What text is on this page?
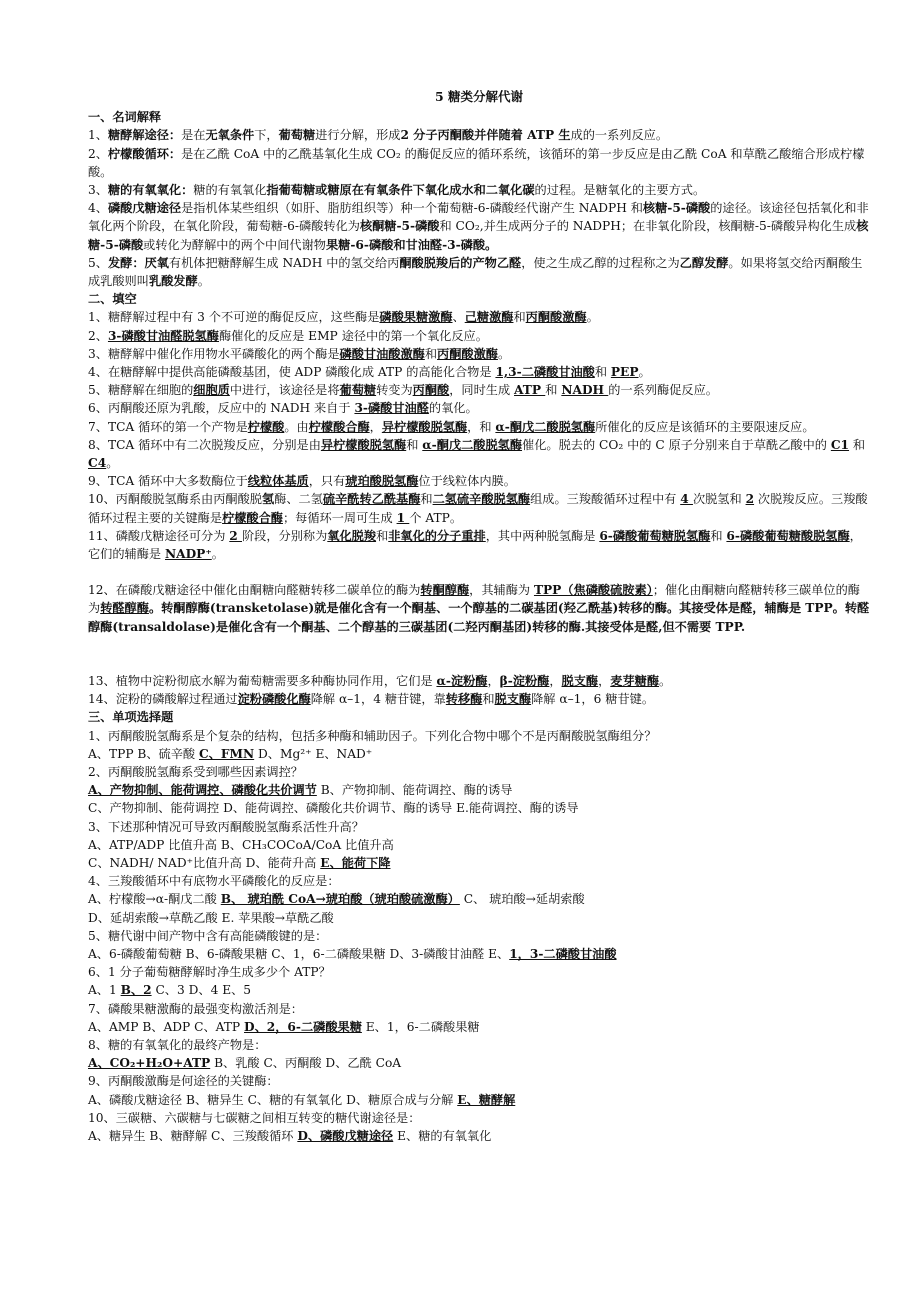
5 糖类分解代谢
一、名词解释
1、糖酵解途径：是在无氧条件下，葡萄糖进行分解，形成2 分子丙酮酸并伴随着 ATP 生成的一系列反应。
2、柠檬酸循环：是在乙酰 CoA 中的乙酰基氧化生成 CO₂ 的酶促反应的循环系统，该循环的第一步反应是由乙酰 CoA 和草酰乙酸缩合形成柠檬酸。
3、糖的有氧氧化：糖的有氧氧化指葡萄糖或糖原在有氧条件下氧化成水和二氧化碳的过程。是糖氧化的主要方式。
4、磷酸戊糖途径是指机体某些组织（如肝、脂肪组织等）种一个葡萄糖-6-磷酸经代谢产生 NADPH 和核糖-5-磷酸的途径。该途径包括氧化和非氧化两个阶段，在氧化阶段，葡萄糖-6-磷酸转化为核酮糖-5-磷酸和 CO₂,并生成两分子的 NADPH；在非氧化阶段，核酮糖-5-磷酸异构化生成核糖-5-磷酸或转化为酵解中的两个中间代谢物果糖-6-磷酸和甘油醛-3-磷酸。
5、发酵：厌氧有机体把糖酵解生成 NADH 中的氢交给丙酮酸脱羧后的产物乙醛，使之生成乙醇的过程称之为乙醇发酵。如果将氢交给丙酮酸生成乳酸则叫乳酸发酵。
二、填空
1、糖酵解过程中有 3 个不可逆的酶促反应，这些酶是磷酸果糖激酶、己糖激酶和丙酮酸激酶。
2、3-磷酸甘油醛脱氢酶酶催化的反应是 EMP 途径中的第一个氧化反应。
3、糖酵解中催化作用物水平磷酸化的两个酶是磷酸甘油酸激酶和丙酮酸激酶。
4、在糖酵解中提供高能磷酸基团，使 ADP 磷酸化成 ATP 的高能化合物是 1,3-二磷酸甘油酸和 PEP。
5、糖酵解在细胞的细胞质中进行，该途径是将葡萄糖转变为丙酮酸，同时生成 ATP 和 NADH 的一系列酶促反应。
6、丙酮酸还原为乳酸，反应中的 NADH 来自于 3-磷酸甘油醛的氧化。
7、TCA 循环的第一个产物是柠檬酸。由柠檬酸合酶，异柠檬酸脱氢酶，和 α-酮戊二酸脱氢酶所催化的反应是该循环的主要限速反应。
8、TCA 循环中有二次脱羧反应，分别是由异柠檬酸脱氢酶和 α-酮戊二酸脱氢酶催化。脱去的 CO₂ 中的 C 原子分别来自于草酰乙酸中的 C1 和 C4。
9、TCA 循环中大多数酶位于线粒体基质，只有琥珀酸脱氢酶位于线粒体内膜。
10、丙酮酸脱氢酶系由丙酮酸脱氢酶、二氢硫辛酰转乙酰基酶和二氢硫辛酸脱氢酶组成。三羧酸循环过程中有 4 次脱氢和 2 次脱羧反应。三羧酸循环过程主要的关键酶是柠檬酸合酶；每循环一周可生成 1 个 ATP。
11、磷酸戊糖途径可分为 2 阶段，分别称为氧化脱羧和非氧化的分子重排，其中两种脱氢酶是 6-磷酸葡萄糖脱氢酶和 6-磷酸葡萄糖酸脱氢酶，它们的辅酶是 NADP⁺。
12、在磷酸戊糖途径中催化由酮糖向醛糖转移二碳单位的酶为转酮醇酶，其辅酶为 TPP（焦磷酸硫胺素）；催化由酮糖向醛糖转移三碳单位的酶为转醛醇酶。转酮醇酶(transketolase)就是催化含有一个酮基、一个醇基的二碳基团(羟乙酰基)转移的酶。其接受体是醛，辅酶是 TPP。转醛醇酶(transaldolase)是催化含有一个酮基、二个醇基的三碳基团(二羟丙酮基团)转移的酶.其接受体是醛,但不需要 TPP.
13、植物中淀粉彻底水解为葡萄糖需要多种酶协同作用，它们是 α-淀粉酶，β-淀粉酶，脱支酶，麦芽糖酶。
14、淀粉的磷酸解过程通过淀粉磷酸化酶降解 α–1，4 糖苷键，靠转移酶和脱支酶降解 α–1，6 糖苷键。
三、单项选择题
1、丙酮酸脱氢酶系是个复杂的结构，包括多种酶和辅助因子。下列化合物中哪个不是丙酮酸脱氢酶组分？
A、TPP B、硫辛酸 C、FMN D、Mg²⁺ E、NAD⁺
2、丙酮酸脱氢酶系受到哪些因素调控？
A、产物抑制、能荷调控、磷酸化共价调节 B、产物抑制、能荷调控、酶的诱导
C、产物抑制、能荷调控 D、能荷调控、磷酸化共价调节、酶的诱导 E.能荷调控、酶的诱导
3、下述那种情况可导致丙酮酸脱氢酶系活性升高？
A、ATP/ADP 比值升高 B、CH₃COCoA/CoA 比值升高
C、NADH/ NAD⁺比值升高 D、能荷升高 E、能荷下降
4、三羧酸循环中有底物水平磷酸化的反应是：
A、柠檬酸→α-酮戊二酸 B、 琥珀酰 CoA→琥珀酸（琥珀酸硫激酶） C、 琥珀酸→延胡索酸
D、延胡索酸→草酰乙酸 E. 苹果酸→草酰乙酸
5、糖代谢中间产物中含有高能磷酸键的是：
A、6-磷酸葡萄糖 B、6-磷酸果糖 C、1，6-二磷酸果糖 D、3-磷酸甘油醛 E、1，3-二磷酸甘油酸
6、1 分子葡萄糖酵解时净生成多少个 ATP？
A、1 B、2 C、3 D、4 E、5
7、磷酸果糖激酶的最强变构激活剂是：
A、AMP B、ADP C、ATP D、2，6-二磷酸果糖 E、1，6-二磷酸果糖
8、糖的有氧氧化的最终产物是：
A、CO₂+H₂O+ATP B、乳酸 C、丙酮酸 D、乙酰 CoA
9、丙酮酸激酶是何途径的关键酶：
A、磷酸戊糖途径 B、糖异生 C、糖的有氧氧化 D、糖原合成与分解 E、糖酵解
10、三碳糖、六碳糖与七碳糖之间相互转变的糖代谢途径是：
A、糖异生 B、糖酵解 C、三羧酸循环 D、磷酸戊糖途径 E、糖的有氧氧化
